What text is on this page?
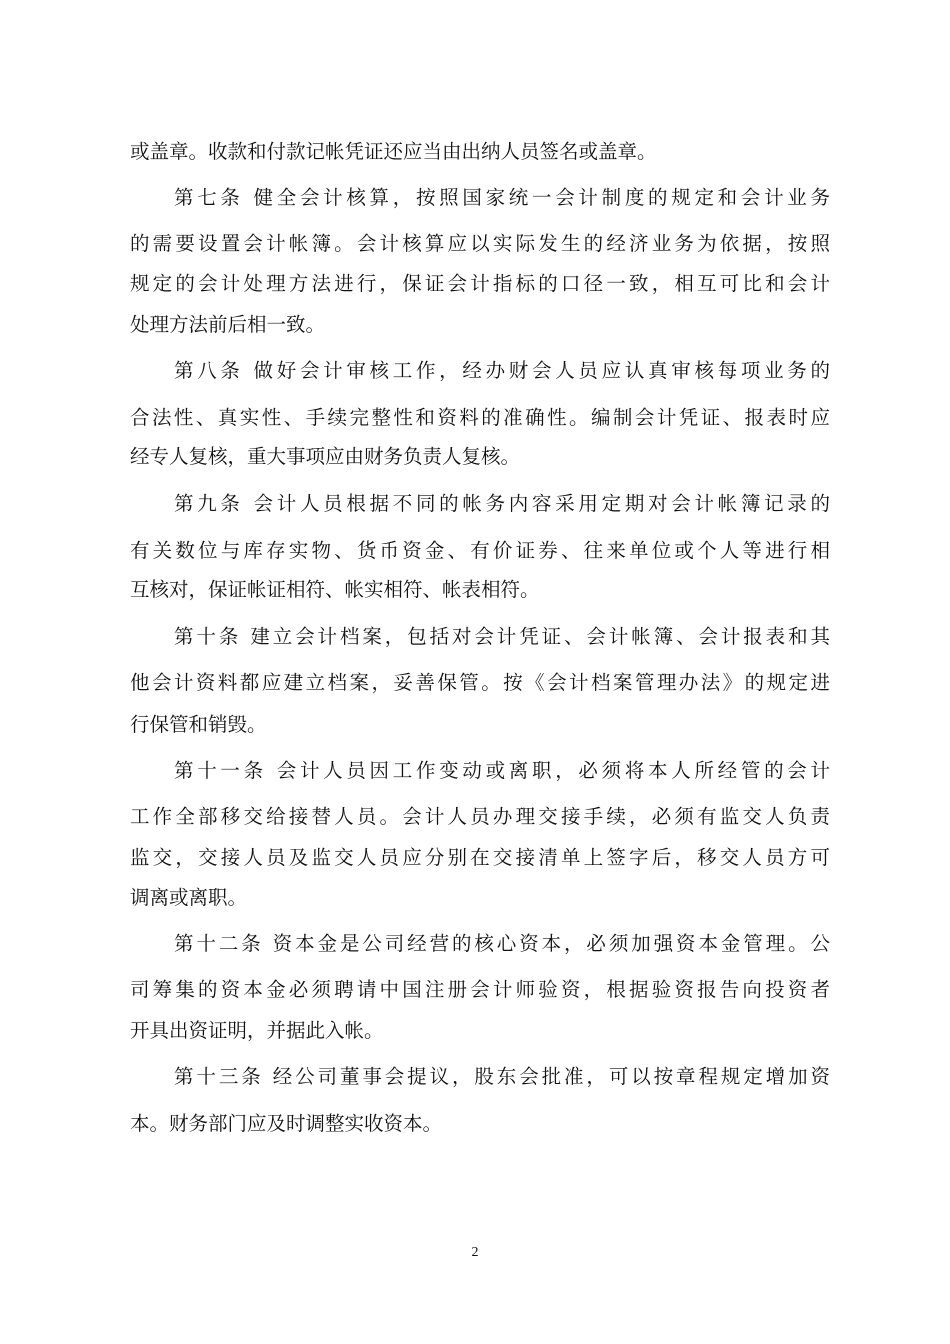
或盖章。收款和付款记帐凭证还应当由出纳人员签名或盖章。
第七条 健全会计核算，按照国家统一会计制度的规定和会计业务
的需要设置会计帐簿。会计核算应以实际发生的经济业务为依据，按照
规定的会计处理方法进行，保证会计指标的口径一致，相互可比和会计
处理方法前后相一致。
第八条 做好会计审核工作，经办财会人员应认真审核每项业务的
合法性、真实性、手续完整性和资料的准确性。编制会计凭证、报表时应
经专人复核，重大事项应由财务负责人复核。
第九条 会计人员根据不同的帐务内容采用定期对会计帐簿记录的
有关数位与库存实物、货币资金、有价证券、往来单位或个人等进行相
互核对，保证帐证相符、帐实相符、帐表相符。
第十条 建立会计档案，包括对会计凭证、会计帐簿、会计报表和其
他会计资料都应建立档案，妥善保管。按《会计档案管理办法》的规定进
行保管和销毁。
第十一条 会计人员因工作变动或离职，必须将本人所经管的会计
工作全部移交给接替人员。会计人员办理交接手续，必须有监交人负责
监交，交接人员及监交人员应分别在交接清单上签字后，移交人员方可
调离或离职。
第十二条 资本金是公司经营的核心资本，必须加强资本金管理。公
司筹集的资本金必须聘请中国注册会计师验资，根据验资报告向投资者
开具出资证明，并据此入帐。
第十三条 经公司董事会提议，股东会批准，可以按章程规定增加资
本。财务部门应及时调整实收资本。
2
